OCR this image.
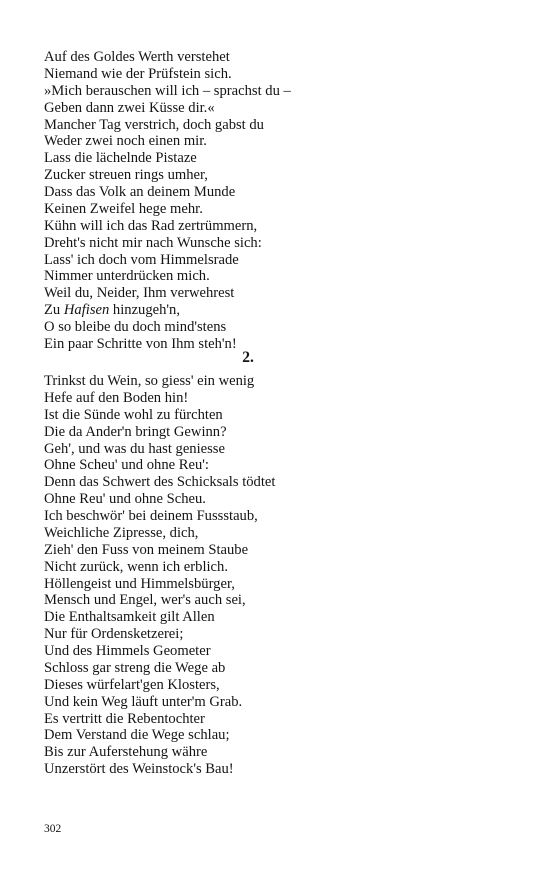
Auf des Goldes Werth verstehet
Niemand wie der Prüfstein sich.
»Mich berauschen will ich – sprachst du –
Geben dann zwei Küsse dir.«
Mancher Tag verstrich, doch gabst du
Weder zwei noch einen mir.
Lass die lächelnde Pistaze
Zucker streuen rings umher,
Dass das Volk an deinem Munde
Keinen Zweifel hege mehr.
Kühn will ich das Rad zertrümmern,
Dreht's nicht mir nach Wunsche sich:
Lass' ich doch vom Himmelsrade
Nimmer unterdrücken mich.
Weil du, Neider, Ihm verwehrest
Zu Hafisen hinzugeh'n,
O so bleibe du doch mind'stens
Ein paar Schritte von Ihm steh'n!
2.
Trinkst du Wein, so giess' ein wenig
Hefe auf den Boden hin!
Ist die Sünde wohl zu fürchten
Die da Ander'n bringt Gewinn?
Geh', und was du hast geniesse
Ohne Scheu' und ohne Reu':
Denn das Schwert des Schicksals tödtet
Ohne Reu' und ohne Scheu.
Ich beschwör' bei deinem Fussstaub,
Weichliche Zipresse, dich,
Zieh' den Fuss von meinem Staube
Nicht zurück, wenn ich erblich.
Höllengeist und Himmelsbürger,
Mensch und Engel, wer's auch sei,
Die Enthaltsamkeit gilt Allen
Nur für Ordensketzerei;
Und des Himmels Geometer
Schloss gar streng die Wege ab
Dieses würfelart'gen Klosters,
Und kein Weg läuft unter'm Grab.
Es vertritt die Rebentochter
Dem Verstand die Wege schlau;
Bis zur Auferstehung währe
Unzerstört des Weinstock's Bau!
302
